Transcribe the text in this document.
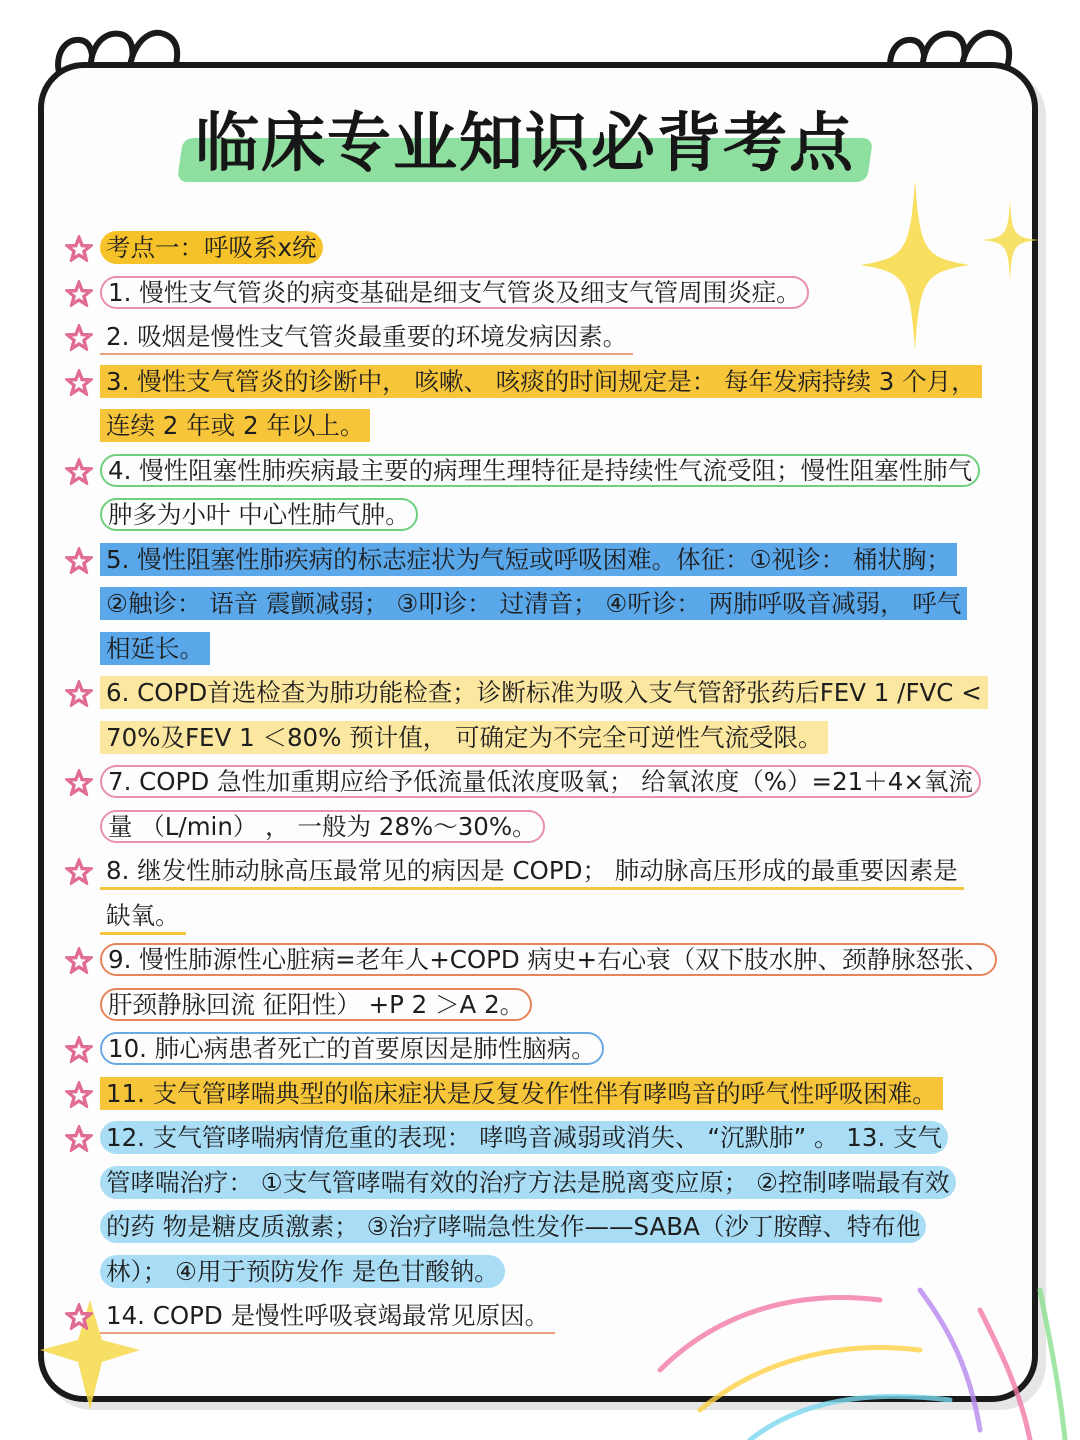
临床专业知识必背考点
考点一：呼吸系x统
1. 慢性支气管炎的病变基础是细支气管炎及细支气管周围炎症。
2. 吸烟是慢性支气管炎最重要的环境发病因素。
3. 慢性支气管炎的诊断中， 咳嗽、 咳痰的时间规定是： 每年发病持续 3 个月，
连续 2 年或 2 年以上。
4. 慢性阻塞性肺疾病最主要的病理生理特征是持续性气流受阻；慢性阻塞性肺气
肿多为小叶 中心性肺气肿。
5. 慢性阻塞性肺疾病的标志症状为气短或呼吸困难。体征：①视诊： 桶状胸；
②触诊： 语音 震颤减弱； ③叩诊： 过清音； ④听诊： 两肺呼吸音减弱， 呼气
相延长。
6. COPD首选检查为肺功能检查；诊断标准为吸入支气管舒张药后FEV 1 /FVC <
70%及FEV 1 ＜80% 预计值， 可确定为不完全可逆性气流受限。
7. COPD 急性加重期应给予低流量低浓度吸氧； 给氧浓度（%）=21＋4×氧流
量 （L/min） ， 一般为 28%～30%。
8. 继发性肺动脉高压最常见的病因是 COPD； 肺动脉高压形成的最重要因素是
缺氧。
9. 慢性肺源性心脏病=老年人+COPD 病史+右心衰（双下肢水肿、颈静脉怒张、
肝颈静脉回流 征阳性） +P 2 ＞A 2。
10. 肺心病患者死亡的首要原因是肺性脑病。
11. 支气管哮喘典型的临床症状是反复发作性伴有哮鸣音的呼气性呼吸困难。
12. 支气管哮喘病情危重的表现： 哮鸣音减弱或消失、 “沉默肺” 。 13. 支气
管哮喘治疗： ①支气管哮喘有效的治疗方法是脱离变应原； ②控制哮喘最有效
的药 物是糖皮质激素； ③治疗哮喘急性发作——SABA（沙丁胺醇、特布他
林）； ④用于预防发作 是色甘酸钠。
14. COPD 是慢性呼吸衰竭最常见原因。
